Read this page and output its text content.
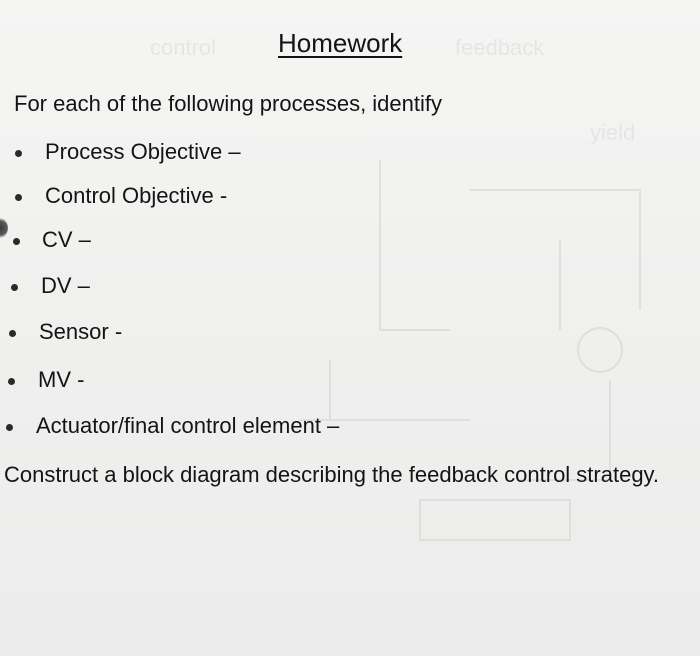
control	feedback
yield
Homework
For each of the following processes, identify
Process Objective –
Control Objective -
CV –
DV –
Sensor -
MV -
Actuator/final control element –
Construct a block diagram describing the feedback control strategy.
